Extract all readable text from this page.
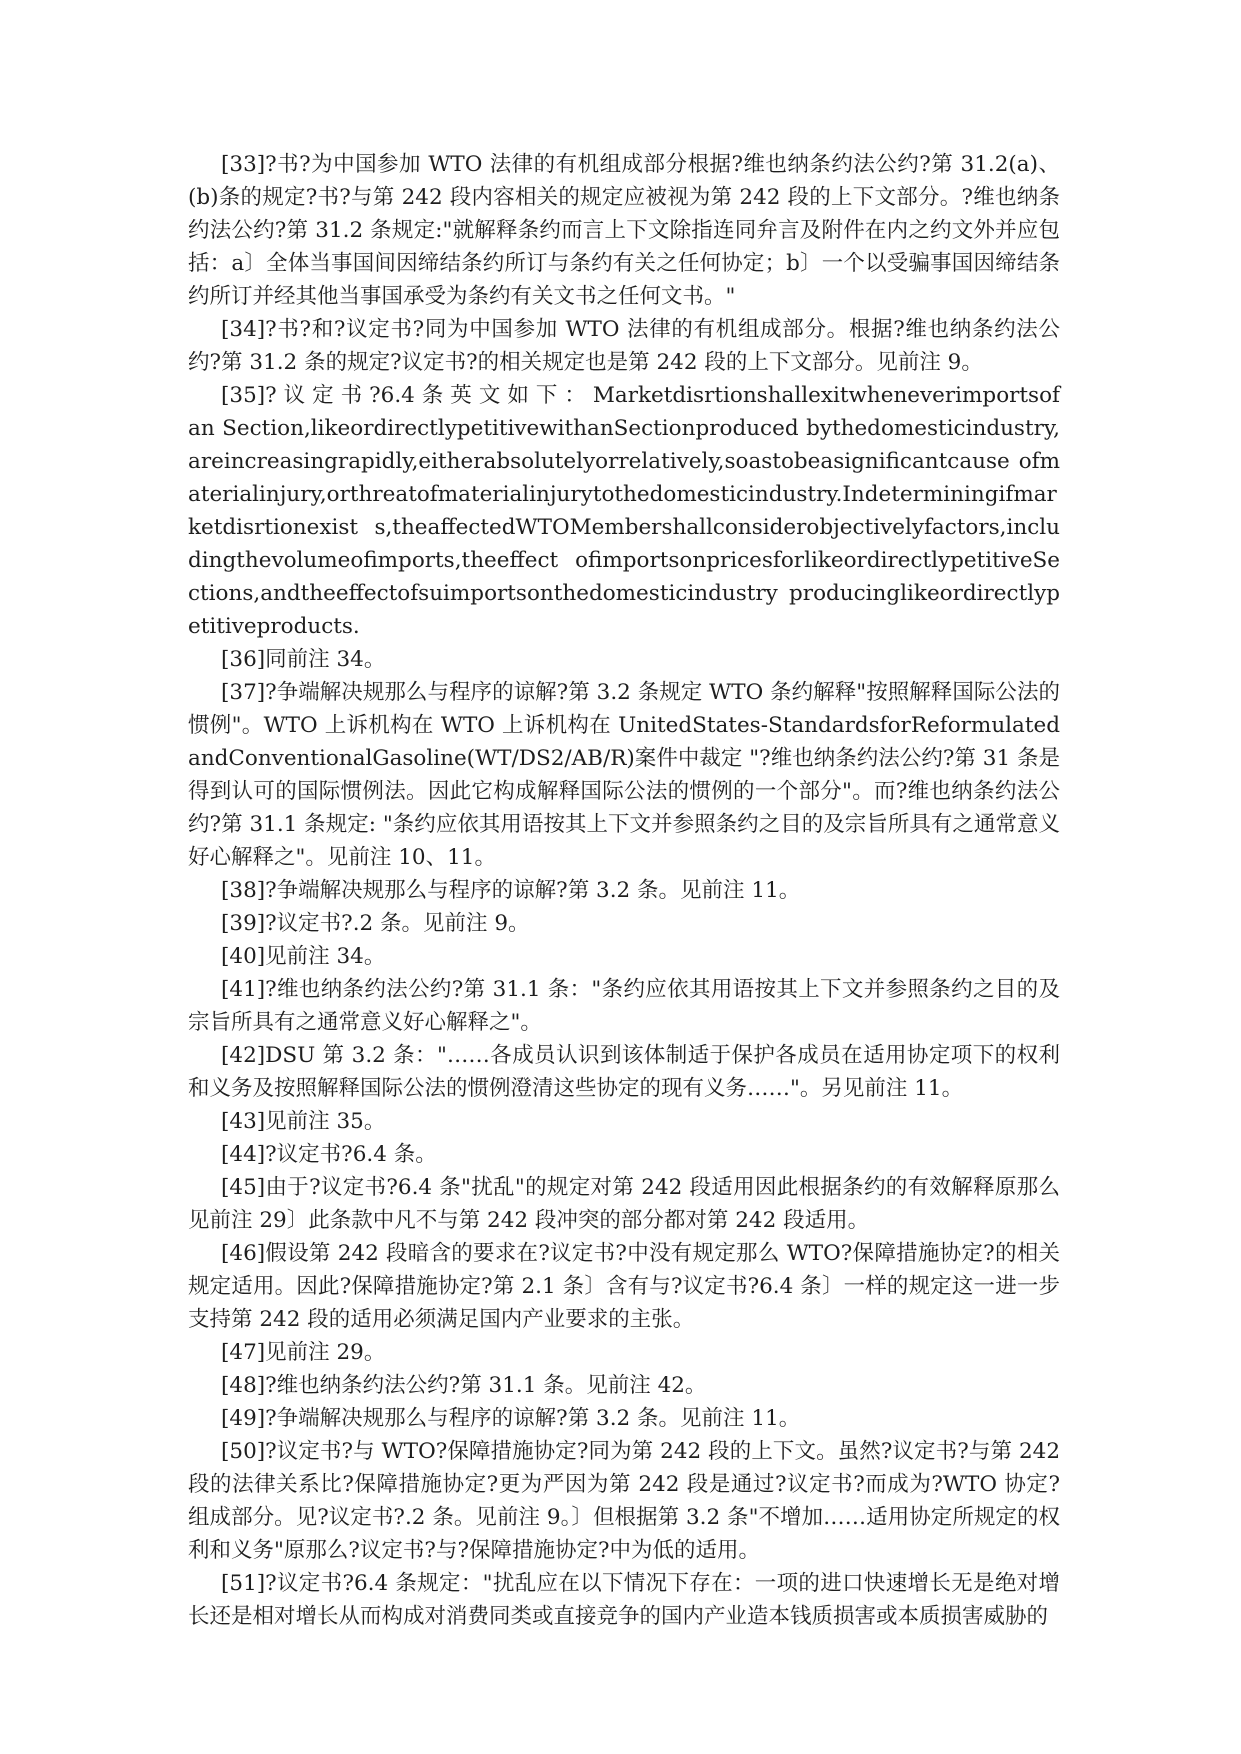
[33]?书?为中国参加 WTO 法律的有机组成部分根据?维也纳条约法公约?第 31.2(a)、(b)条的规定?书?与第 242 段内容相关的规定应被视为第 242 段的上下文部分。?维也纳条约法公约?第 31.2 条规定:"就解释条约而言上下文除指连同弁言及附件在内之约文外并应包括：a〕全体当事国间因缔结条约所订与条约有关之任何协定；b〕一个以受骗事国因缔结条约所订并经其他当事国承受为条约有关文书之任何文书。"

[34]?书?和?议定书?同为中国参加 WTO 法律的有机组成部分。根据?维也纳条约法公约?第 31.2 条的规定?议定书?的相关规定也是第 242 段的上下文部分。见前注 9。

[35]? 议 定 书 ?6.4 条 英 文 如 下 ： Marketdisrtionshallexitwheneverimportsofan Section,likeordirectlypetitivewithanSectionproduced bythedomesticindustry,areincreasingrapidly,eitherabsolutelyorrelatively,soastobeasignificantcause ofmaterialinjury,orthreatofmaterialinjurytothedomesticindustry.Indeterminingifmarketdisrtionexist s,theaffectedWTOMembershallconsiderobjectivelyfactors,includingthevolumeofimports,theeffect ofimportsonpricesforlikeordirectlypetitiveSections,andtheeffectofsuimportsonthedomesticindustry producinglikeordirectlypetitiveproducts.

[36]同前注 34。

[37]?争端解决规那么与程序的谅解?第 3.2 条规定 WTO 条约解释"按照解释国际公法的惯例"。WTO 上诉机构在 WTO 上诉机构在 UnitedStates-StandardsforReformulatedandConventionalGasoline(WT/DS2/AB/R)案件中裁定 "?维也纳条约法公约?第 31 条是得到认可的国际惯例法。因此它构成解释国际公法的惯例的一个部分"。而?维也纳条约法公约?第 31.1 条规定: "条约应依其用语按其上下文并参照条约之目的及宗旨所具有之通常意义好心解释之"。见前注 10、11。

[38]?争端解决规那么与程序的谅解?第 3.2 条。见前注 11。

[39]?议定书?.2 条。见前注 9。

[40]见前注 34。

[41]?维也纳条约法公约?第 31.1 条："条约应依其用语按其上下文并参照条约之目的及宗旨所具有之通常意义好心解释之"。

[42]DSU 第 3.2 条："……各成员认识到该体制适于保护各成员在适用协定项下的权利和义务及按照解释国际公法的惯例澄清这些协定的现有义务……"。另见前注 11。

[43]见前注 35。

[44]?议定书?6.4 条。

[45]由于?议定书?6.4 条"扰乱"的规定对第 242 段适用因此根据条约的有效解释原那么见前注 29〕此条款中凡不与第 242 段冲突的部分都对第 242 段适用。

[46]假设第 242 段暗含的要求在?议定书?中没有规定那么 WTO?保障措施协定?的相关规定适用。因此?保障措施协定?第 2.1 条〕含有与?议定书?6.4 条〕一样的规定这一进一步支持第 242 段的适用必须满足国内产业要求的主张。

[47]见前注 29。

[48]?维也纳条约法公约?第 31.1 条。见前注 42。

[49]?争端解决规那么与程序的谅解?第 3.2 条。见前注 11。

[50]?议定书?与 WTO?保障措施协定?同为第 242 段的上下文。虽然?议定书?与第 242 段的法律关系比?保障措施协定?更为严因为第 242 段是通过?议定书?而成为?WTO 协定?组成部分。见?议定书?.2 条。见前注 9。〕但根据第 3.2 条"不增加……适用协定所规定的权利和义务"原那么?议定书?与?保障措施协定?中为低的适用。

[51]?议定书?6.4 条规定："扰乱应在以下情况下存在：一项的进口快速增长无是绝对增长还是相对增长从而构成对消费同类或直接竞争的国内产业造本钱质损害或本质损害威胁的
